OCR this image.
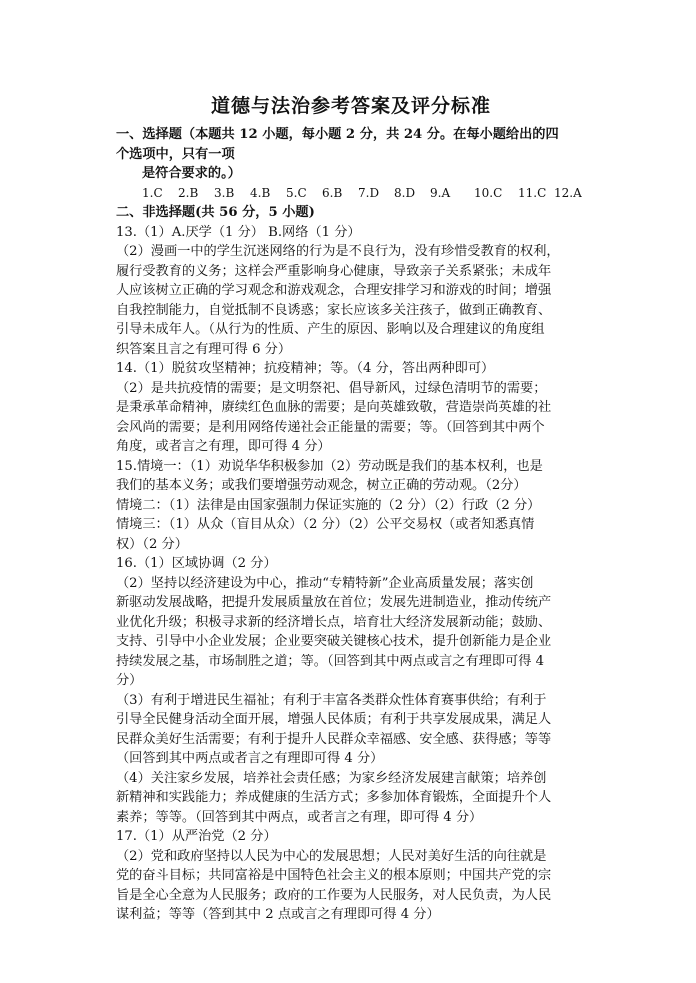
道德与法治参考答案及评分标准
一、选择题（本题共 12 小题，每小题 2 分，共 24 分。在每小题给出的四
个选项中，只有一项
是符合要求的。）
1.C	2.B	3.B	4.B	5.C	6.B	7.D	8.D	9.A	10.C	11.C 12.A
二、非选择题(共 56 分，5 小题)
13.（1）A.厌学（1 分） B.网络（1 分）
（2）漫画一中的学生沉迷网络的行为是不良行为，没有珍惜受教育的权利，
履行受教育的义务；这样会严重影响身心健康，导致亲子关系紧张；未成年
人应该树立正确的学习观念和游戏观念，合理安排学习和游戏的时间；增强
自我控制能力，自觉抵制不良诱惑；家长应该多关注孩子，做到正确教育、
引导未成年人。（从行为的性质、产生的原因、影响以及合理建议的角度组
织答案且言之有理可得 6 分）
14.（1）脱贫攻坚精神；抗疫精神；等。（4 分，答出两种即可）
（2）是共抗疫情的需要；是文明祭祀、倡导新风，过绿色清明节的需要；
是秉承革命精神，赓续红色血脉的需要；是向英雄致敬，营造崇尚英雄的社
会风尚的需要；是利用网络传递社会正能量的需要；等。（回答到其中两个
角度，或者言之有理，即可得 4 分）
15.情境一：（1）劝说华华积极参加（2）劳动既是我们的基本权利，也是
我们的基本义务；或我们要增强劳动观念，树立正确的劳动观。（2分）
情境二：（1）法律是由国家强制力保证实施的（2 分）（2）行政（2 分）
情境三：（1）从众（盲目从众）（2 分）（2）公平交易权（或者知悉真情
权）（2 分）
16.（1）区域协调（2 分）
（2）坚持以经济建设为中心，推动“专精特新”企业高质量发展；落实创
新驱动发展战略，把提升发展质量放在首位；发展先进制造业，推动传统产
业优化升级；积极寻求新的经济增长点，培育壮大经济发展新动能；鼓励、
支持、引导中小企业发展；企业要突破关键核心技术，提升创新能力是企业
持续发展之基，市场制胜之道；等。（回答到其中两点或言之有理即可得 4
分）
（3）有利于增进民生福祉；有利于丰富各类群众性体育赛事供给；有利于
引导全民健身活动全面开展，增强人民体质；有利于共享发展成果，满足人
民群众美好生活需要；有利于提升人民群众幸福感、安全感、获得感；等等
（回答到其中两点或者言之有理即可得 4 分）
（4）关注家乡发展，培养社会责任感；为家乡经济发展建言献策；培养创
新精神和实践能力；养成健康的生活方式；多参加体育锻炼，全面提升个人
素养；等等。（回答到其中两点，或者言之有理，即可得 4 分）
17.（1）从严治党（2 分）
（2）党和政府坚持以人民为中心的发展思想；人民对美好生活的向往就是
党的奋斗目标；共同富裕是中国特色社会主义的根本原则；中国共产党的宗
旨是全心全意为人民服务；政府的工作要为人民服务，对人民负责，为人民
谋利益；等等（答到其中 2 点或言之有理即可得 4 分）
